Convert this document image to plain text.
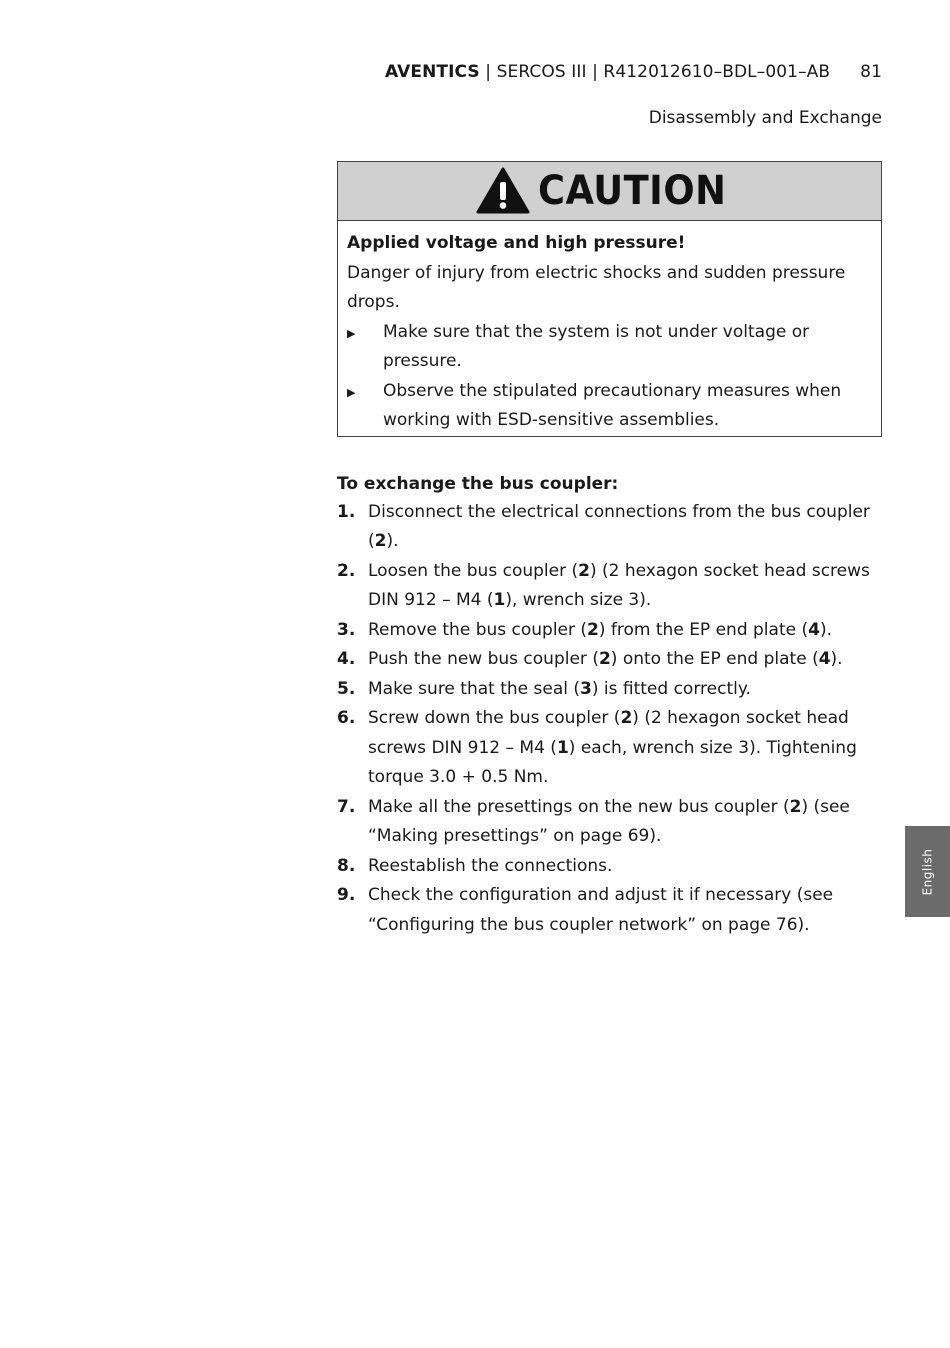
AVENTICS | SERCOS III | R412012610–BDL–001–AB 81
Disassembly and Exchange
CAUTION
Applied voltage and high pressure!
Danger of injury from electric shocks and sudden pressure drops.
▶	Make sure that the system is not under voltage or pressure.
▶	Observe the stipulated precautionary measures when working with ESD-sensitive assemblies.
To exchange the bus coupler:
1. Disconnect the electrical connections from the bus coupler (2).
2. Loosen the bus coupler (2) (2 hexagon socket head screws DIN 912 – M4 (1), wrench size 3).
3. Remove the bus coupler (2) from the EP end plate (4).
4. Push the new bus coupler (2) onto the EP end plate (4).
5. Make sure that the seal (3) is fitted correctly.
6. Screw down the bus coupler (2) (2 hexagon socket head screws DIN 912 – M4 (1) each, wrench size 3). Tightening torque 3.0 + 0.5 Nm.
7. Make all the presettings on the new bus coupler (2) (see “Making presettings” on page 69).
8. Reestablish the connections.
9. Check the configuration and adjust it if necessary (see “Configuring the bus coupler network” on page 76).
English
